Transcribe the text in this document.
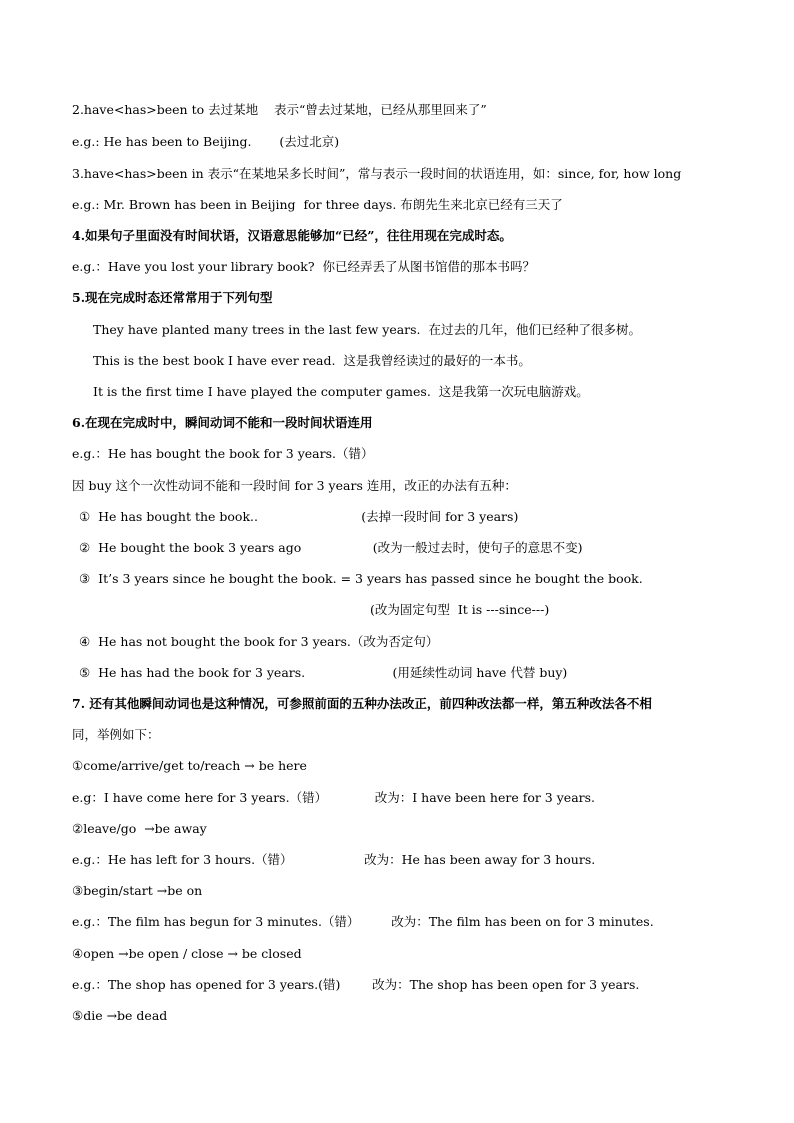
2.have<has>been to 去过某地    表示“曾去过某地，已经从那里回来了”
e.g.: He has been to Beijing.       (去过北京)
3.have<has>been in 表示“在某地呆多长时间”，常与表示一段时间的状语连用，如：since, for, how long
e.g.: Mr. Brown has been in Beijing  for three days. 布朗先生来北京已经有三天了
4.如果句子里面没有时间状语，汉语意思能够加“已经”，往往用现在完成时态。
e.g.：Have you lost your library book?  你已经弄丢了从图书馆借的那本书吗？
5.现在完成时态还常常用于下列句型
They have planted many trees in the last few years.  在过去的几年，他们已经种了很多树。
This is the best book I have ever read.  这是我曾经读过的最好的一本书。
It is the first time I have played the computer games.  这是我第一次玩电脑游戏。
6.在现在完成时中，瞬间动词不能和一段时间状语连用
e.g.：He has bought the book for 3 years.（错）
因 buy 这个一次性动词不能和一段时间 for 3 years 连用，改正的办法有五种：
①  He has bought the book..                          (去掉一段时间 for 3 years)
②  He bought the book 3 years ago                  (改为一般过去时，使句子的意思不变)
③  It’s 3 years since he bought the book. = 3 years has passed since he bought the book.
(改为固定句型  It is ---since---)
④  He has not bought the book for 3 years.（改为否定句）
⑤  He has had the book for 3 years.                      (用延续性动词 have 代替 buy)
7. 还有其他瞬间动词也是这种情况，可参照前面的五种办法改正，前四种改法都一样，第五种改法各不相
同，举例如下：
①come/arrive/get to/reach → be here
e.g：I have come here for 3 years.（错）            改为：I have been here for 3 years.
②leave/go  →be away
e.g.：He has left for 3 hours.（错）                  改为：He has been away for 3 hours.
③begin/start →be on
e.g.：The film has begun for 3 minutes.（错）        改为：The film has been on for 3 minutes.
④open →be open / close → be closed
e.g.：The shop has opened for 3 years.(错)        改为：The shop has been open for 3 years.
⑤die →be dead
